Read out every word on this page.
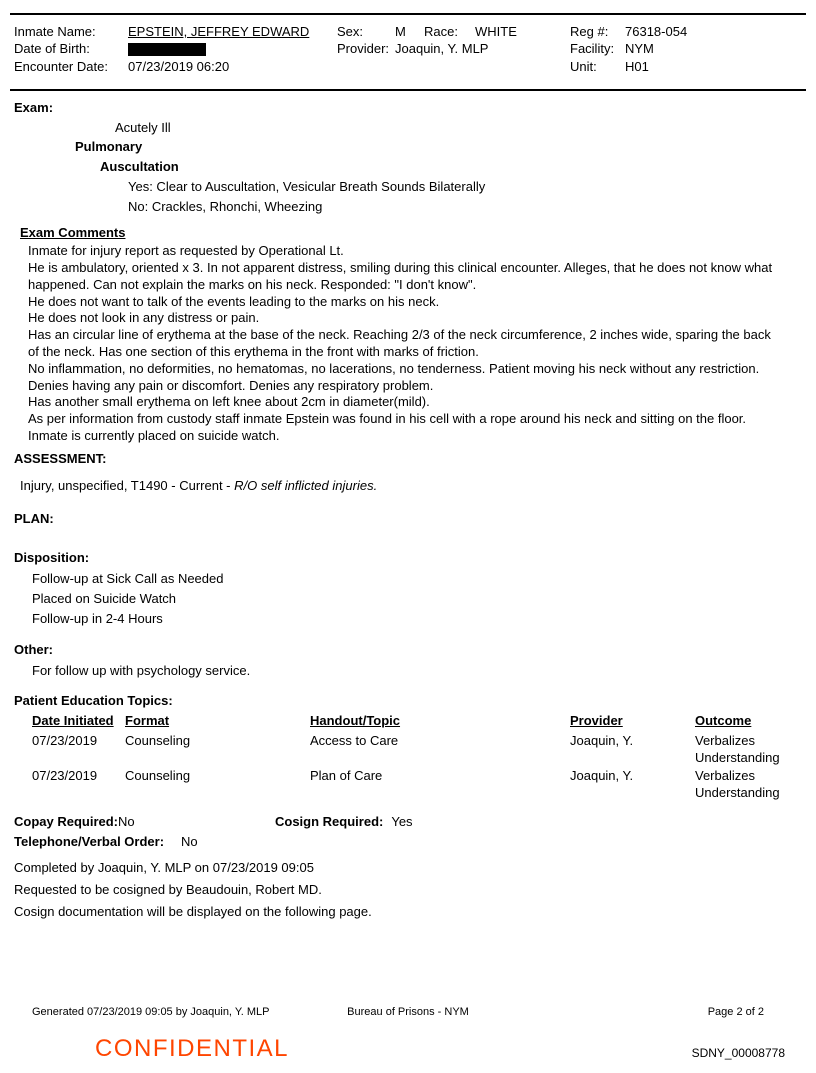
Inmate Name: EPSTEIN, JEFFREY EDWARD
Date of Birth:
Encounter Date: 07/23/2019 06:20
Sex: M Race: WHITE
Provider: Joaquin, Y. MLP
Reg #: 76318-054
Facility: NYM
Unit: H01
Exam:
Acutely Ill
Pulmonary
Auscultation
Yes: Clear to Auscultation, Vesicular Breath Sounds Bilaterally
No: Crackles, Rhonchi, Wheezing
Exam Comments
Inmate for injury report as requested by Operational Lt.
He is ambulatory, oriented x 3. In not apparent distress, smiling during this clinical encounter. Alleges, that he does not know what happened. Can not explain the marks on his neck. Responded: "I don't know".
He does not want to talk of the events leading to the marks on his neck.
He does not look in any distress or pain.
Has an circular line of erythema at the base of the neck. Reaching 2/3 of the neck circumference, 2 inches wide, sparing the back of the neck. Has one section of this erythema in the front with marks of friction.
No inflammation, no deformities, no hematomas, no lacerations, no tenderness. Patient moving his neck without any restriction. Denies having any pain or discomfort. Denies any respiratory problem.
Has another small erythema on left knee about 2cm in diameter(mild).
As per information from custody staff inmate Epstein was found in his cell with a rope around his neck and sitting on the floor.
Inmate is currently placed on suicide watch.
ASSESSMENT:
Injury, unspecified, T1490 - Current - R/O self inflicted injuries.
PLAN:
Disposition:
Follow-up at Sick Call as Needed
Placed on Suicide Watch
Follow-up in 2-4 Hours
Other:
For follow up with psychology service.
Patient Education Topics:
Date Initiated	Format	Handout/Topic	Provider	Outcome
07/23/2019	Counseling	Access to Care	Joaquin, Y.	Verbalizes Understanding
07/23/2019	Counseling	Plan of Care	Joaquin, Y.	Verbalizes Understanding
Copay Required:No	Cosign Required: Yes
Telephone/Verbal Order: No
Completed by Joaquin, Y. MLP on 07/23/2019 09:05
Requested to be cosigned by Beaudouin, Robert MD.
Cosign documentation will be displayed on the following page.
Bureau of Prisons - NYM
Generated 07/23/2019 09:05 by Joaquin, Y. MLP	Page 2 of 2
CONFIDENTIAL	SDNY_00008778
